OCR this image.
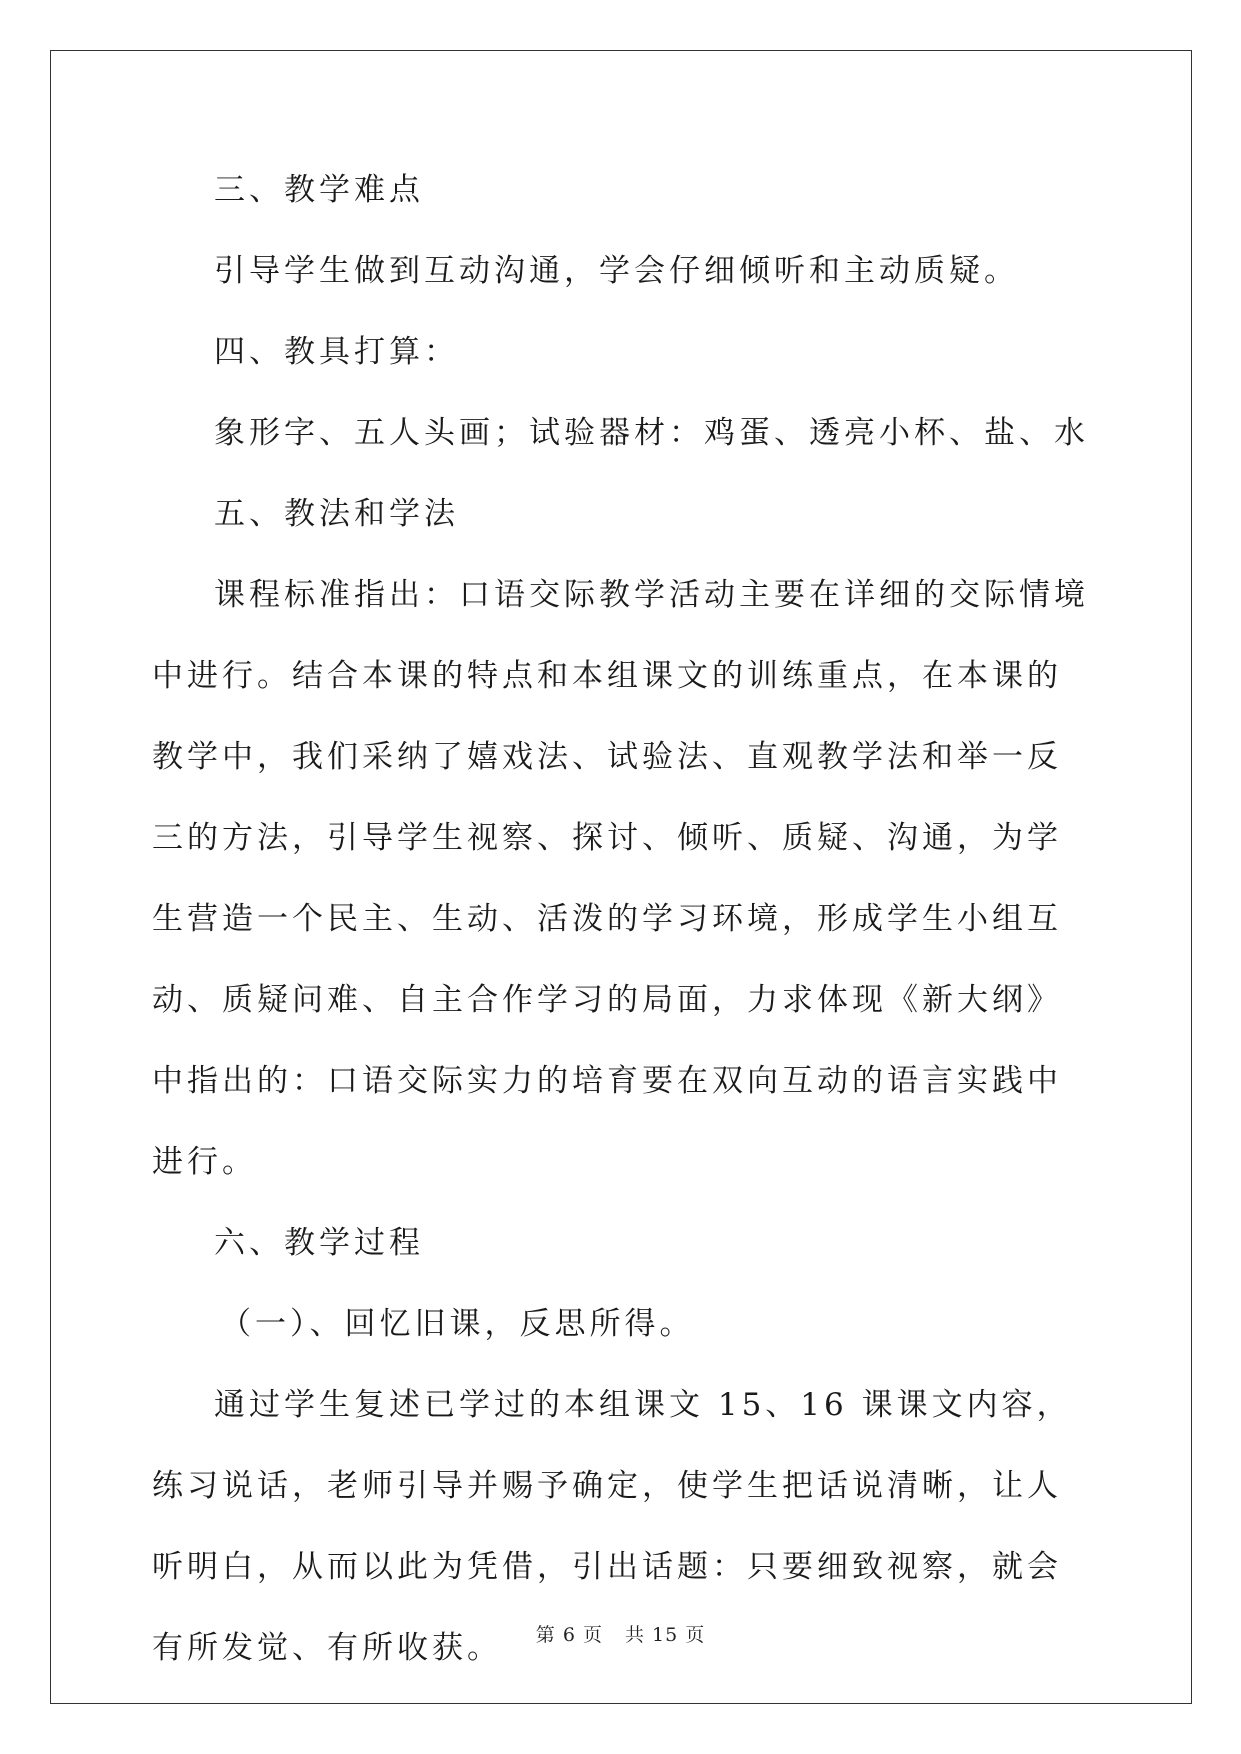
三、教学难点

引导学生做到互动沟通，学会仔细倾听和主动质疑。

四、教具打算：

象形字、五人头画；试验器材：鸡蛋、透亮小杯、盐、水

五、教法和学法

课程标准指出：口语交际教学活动主要在详细的交际情境中进行。结合本课的特点和本组课文的训练重点，在本课的教学中，我们采纳了嬉戏法、试验法、直观教学法和举一反三的方法，引导学生视察、探讨、倾听、质疑、沟通，为学生营造一个民主、生动、活泼的学习环境，形成学生小组互动、质疑问难、自主合作学习的局面，力求体现《新大纲》中指出的：口语交际实力的培育要在双向互动的语言实践中进行。

六、教学过程

（一）、回忆旧课，反思所得。

通过学生复述已学过的本组课文 15、16 课课文内容，练习说话，老师引导并赐予确定，使学生把话说清晰，让人听明白，从而以此为凭借，引出话题：只要细致视察，就会有所发觉、有所收获。	第 6 页 共 15 页
